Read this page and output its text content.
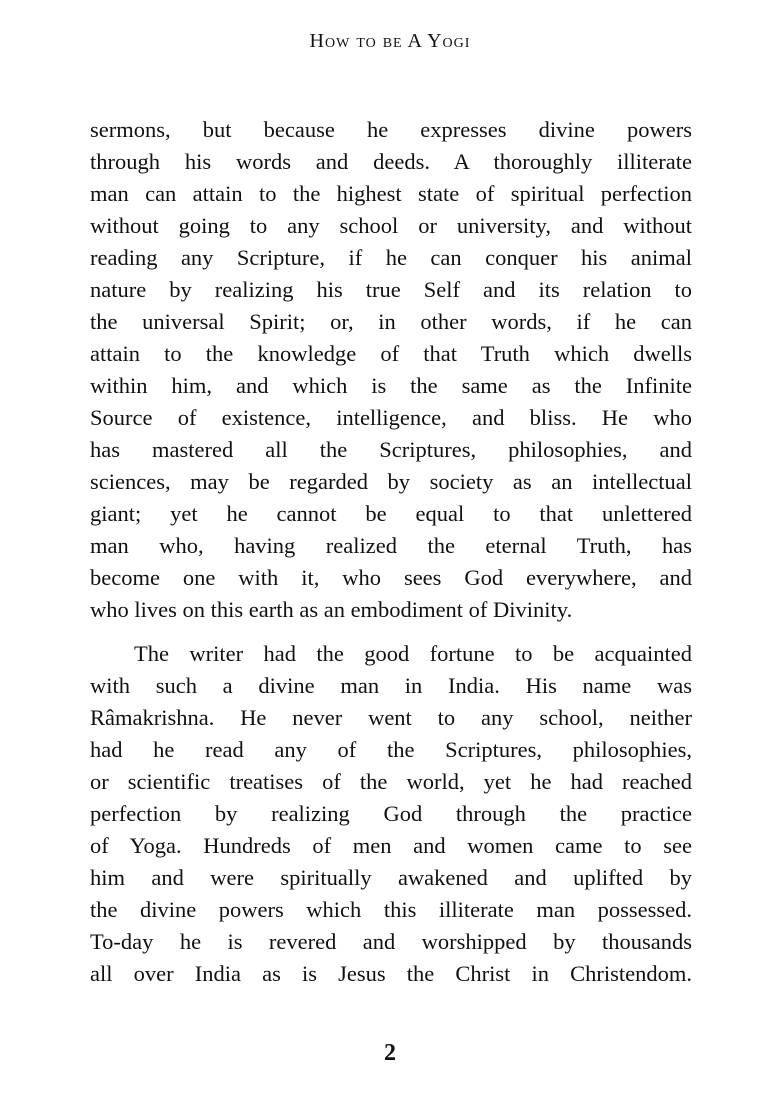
How to be A Yogi

sermons, but because he expresses divine powers
through his words and deeds. A thoroughly illiterate
man can attain to the highest state of spiritual perfection
without going to any school or university, and without
reading any Scripture, if he can conquer his animal
nature by realizing his true Self and its relation to
the universal Spirit; or, in other words, if he can
attain to the knowledge of that Truth which dwells
within him, and which is the same as the Infinite
Source of existence, intelligence, and bliss. He who
has mastered all the Scriptures, philosophies, and
sciences, may be regarded by society as an intellectual
giant; yet he cannot be equal to that unlettered
man who, having realized the eternal Truth, has
become one with it, who sees God everywhere, and
who lives on this earth as an embodiment of Divinity.

The writer had the good fortune to be acquainted
with such a divine man in India. His name was
Râmakrishna. He never went to any school, neither
had he read any of the Scriptures, philosophies,
or scientific treatises of the world, yet he had reached
perfection by realizing God through the practice
of Yoga. Hundreds of men and women came to see
him and were spiritually awakened and uplifted by
the divine powers which this illiterate man possessed.
To-day he is revered and worshipped by thousands
all over India as is Jesus the Christ in Christendom.

2
